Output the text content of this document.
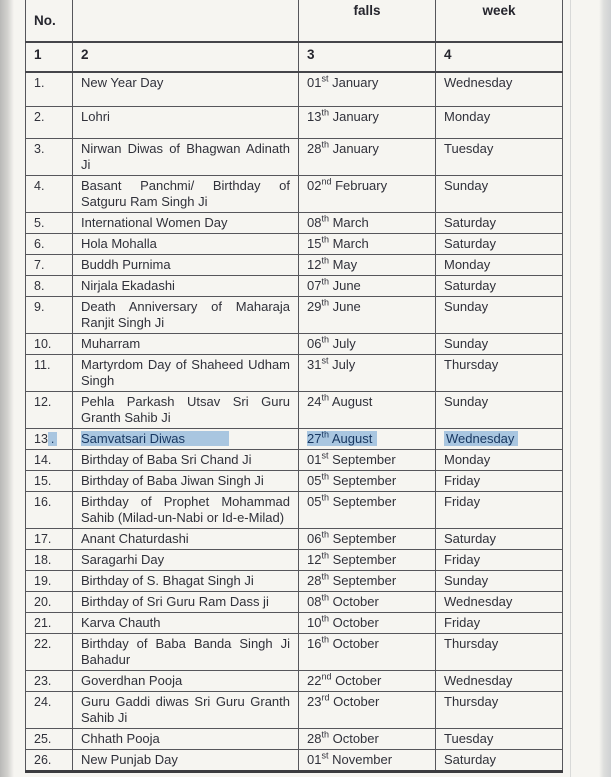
No.		falls	week
1	2	3	4
1.	New Year Day	01st January	Wednesday
2.	Lohri	13th January	Monday
3.	Nirwan Diwas of Bhagwan Adinath Ji	28th January	Tuesday
4.	Basant Panchmi/ Birthday of Satguru Ram Singh Ji	02nd February	Sunday
5.	International Women Day	08th March	Saturday
6.	Hola Mohalla	15th March	Saturday
7.	Buddh Purnima	12th May	Monday
8.	Nirjala Ekadashi	07th June	Saturday
9.	Death Anniversary of Maharaja Ranjit Singh Ji	29th June	Sunday
10.	Muharram	06th July	Sunday
11.	Martyrdom Day of Shaheed Udham Singh	31st July	Thursday
12.	Pehla Parkash Utsav Sri Guru Granth Sahib Ji	24th August	Sunday
13 .	Samvatsari Diwas	27th August	Wednesday
14.	Birthday of Baba Sri Chand Ji	01st September	Monday
15.	Birthday of Baba Jiwan Singh Ji	05th September	Friday
16.	Birthday of Prophet Mohammad Sahib (Milad-un-Nabi or Id-e-Milad)	05th September	Friday
17.	Anant Chaturdashi	06th September	Saturday
18.	Saragarhi Day	12th September	Friday
19.	Birthday of S. Bhagat Singh Ji	28th September	Sunday
20.	Birthday of Sri Guru Ram Dass ji	08th October	Wednesday
21.	Karva Chauth	10th October	Friday
22.	Birthday of Baba Banda Singh Ji Bahadur	16th October	Thursday
23.	Goverdhan Pooja	22nd October	Wednesday
24.	Guru Gaddi diwas Sri Guru Granth Sahib Ji	23rd October	Thursday
25.	Chhath Pooja	28th October	Tuesday
26.	New Punjab Day	01st November	Saturday
